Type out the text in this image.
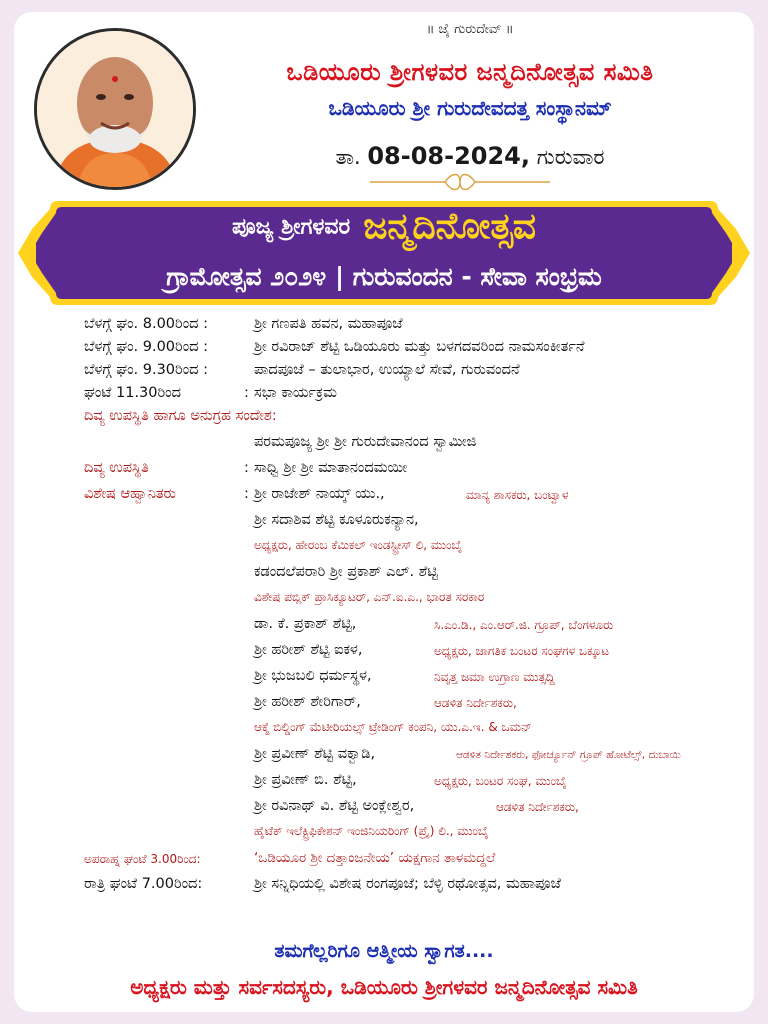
॥ ಜೈ ಗುರುದೇವ್ ॥
ಒಡಿಯೂರು ಶ್ರೀಗಳವರ ಜನ್ಮದಿನೋತ್ಸವ ಸಮಿತಿ
ಒಡಿಯೂರು ಶ್ರೀ ಗುರುದೇವದತ್ತ ಸಂಸ್ಥಾನಮ್
ತಾ. 08-08-2024, ಗುರುವಾರ
ಪೂಜ್ಯ ಶ್ರೀಗಳವರ ಜನ್ಮದಿನೋತ್ಸವ
ಗ್ರಾಮೋತ್ಸವ ೨೦೨೪ | ಗುರುವಂದನ - ಸೇವಾ ಸಂಭ್ರಮ
ಬೆಳಗ್ಗೆ ಘಂ. 8.00ರಿಂದ :	ಶ್ರೀ ಗಣಪತಿ ಹವನ, ಮಹಾಪೂಜೆ
ಬೆಳಗ್ಗೆ ಘಂ. 9.00ರಿಂದ :	ಶ್ರೀ ರವಿರಾಜ್ ಶೆಟ್ಟಿ ಒಡಿಯೂರು ಮತ್ತು ಬಳಗದವರಿಂದ ನಾಮಸಂಕೀರ್ತನೆ
ಬೆಳಗ್ಗೆ ಘಂ. 9.30ರಿಂದ :	ಪಾದಪೂಜೆ – ತುಲಾಭಾರ, ಉಯ್ಯಾಲೆ ಸೇವೆ, ಗುರುವಂದನೆ
ಘಂಟೆ 11.30ರಿಂದ	: ಸಭಾ ಕಾರ್ಯಕ್ರಮ
ದಿವ್ಯ ಉಪಸ್ಥಿತಿ ಹಾಗೂ ಅನುಗ್ರಹ ಸಂದೇಶ:
ಪರಮಪೂಜ್ಯ ಶ್ರೀ ಶ್ರೀ ಗುರುದೇವಾನಂದ ಸ್ವಾಮೀಜಿ
ದಿವ್ಯ ಉಪಸ್ಥಿತಿ	: ಸಾಧ್ವಿ ಶ್ರೀ ಶ್ರೀ ಮಾತಾನಂದಮಯೀ
ವಿಶೇಷ ಆಹ್ವಾನಿತರು	: ಶ್ರೀ ರಾಜೇಶ್ ನಾಯ್ಕ್ ಯು.,	ಮಾನ್ಯ ಶಾಸಕರು, ಬಂಟ್ವಾಳ
ಶ್ರೀ ಸದಾಶಿವ ಶೆಟ್ಟಿ ಕೂಳೂರುಕನ್ಯಾನ,
ಅಧ್ಯಕ್ಷರು, ಹೇರಂಬ ಕೆಮಿಕಲ್ ಇಂಡಸ್ಟ್ರೀಸ್ ಲಿ, ಮುಂಬೈ
ಕಡಂದಲೆಪರಾರಿ ಶ್ರೀ ಪ್ರಕಾಶ್ ಎಲ್. ಶೆಟ್ಟಿ
ವಿಶೇಷ ಪಬ್ಲಿಕ್ ಪ್ರಾಸಿಕ್ಯೂಟರ್, ಎನ್.ಐ.ಎ., ಭಾರತ ಸರಕಾರ
ಡಾ. ಕೆ. ಪ್ರಕಾಶ್ ಶೆಟ್ಟಿ,	ಸಿ.ಎಂ.ಡಿ., ಎಂ.ಆರ್.ಜಿ. ಗ್ರೂಪ್, ಬೆಂಗಳೂರು
ಶ್ರೀ ಹರೀಶ್ ಶೆಟ್ಟಿ ಐಕಳ,	ಅಧ್ಯಕ್ಷರು, ಜಾಗತಿಕ ಬಂಟರ ಸಂಘಗಳ ಒಕ್ಕೂಟ
ಶ್ರೀ ಭುಜಬಲಿ ಧರ್ಮಸ್ಥಳ,	ನಿವೃತ್ತ ಜಮಾ ಉಗ್ರಾಣ ಮುತ್ಸದ್ದಿ
ಶ್ರೀ ಹರೀಶ್ ಶೇರಿಗಾರ್,	ಆಡಳಿತ ನಿರ್ದೇಶಕರು,
ಆಕ್ಮೆ ಬಿಲ್ಡಿಂಗ್ ಮೆಟೀರಿಯಲ್ಸ್ ಟ್ರೇಡಿಂಗ್ ಕಂಪನಿ, ಯು.ಎ.ಇ. & ಒಮನ್
ಶ್ರೀ ಪ್ರವೀಣ್ ಶೆಟ್ಟಿ ವಕ್ವಾಡಿ,	ಆಡಳಿತ ನಿರ್ದೇಶಕರು, ಫೋರ್ಚ್ಯೂನ್ ಗ್ರೂಪ್ ಹೋಟೆಲ್ಸ್, ದುಬಾಯಿ
ಶ್ರೀ ಪ್ರವೀಣ್ ಬಿ. ಶೆಟ್ಟಿ,	ಅಧ್ಯಕ್ಷರು, ಬಂಟರ ಸಂಘ, ಮುಂಬೈ
ಶ್ರೀ ರವಿನಾಥ್ ವಿ. ಶೆಟ್ಟಿ ಅಂಕ್ಲೇಶ್ವರ,	ಆಡಳಿತ ನಿರ್ದೇಶಕರು,
ಹೈಟೆಕ್ ಇಲೆಕ್ಟ್ರಿಫಿಕೇಶನ್ ಇಂಜಿನಿಯರಿಂಗ್ (ಪ್ರೈ) ಲಿ., ಮುಂಬೈ
ಅಪರಾಹ್ನ ಘಂಟೆ 3.00ರಿಂದ:	‘ಒಡಿಯೂರ ಶ್ರೀ ದತ್ತಾಂಜನೇಯ’ ಯಕ್ಷಗಾನ ತಾಳಮದ್ದಲೆ
ರಾತ್ರಿ ಘಂಟೆ 7.00ರಿಂದ:	ಶ್ರೀ ಸನ್ನಿಧಿಯಲ್ಲಿ ವಿಶೇಷ ರಂಗಪೂಜೆ; ಬೆಳ್ಳಿ ರಥೋತ್ಸವ, ಮಹಾಪೂಜೆ
ತಮಗೆಲ್ಲರಿಗೂ ಆತ್ಮೀಯ ಸ್ವಾಗತ....
ಅಧ್ಯಕ್ಷರು ಮತ್ತು ಸರ್ವಸದಸ್ಯರು, ಒಡಿಯೂರು ಶ್ರೀಗಳವರ ಜನ್ಮದಿನೋತ್ಸವ ಸಮಿತಿ
